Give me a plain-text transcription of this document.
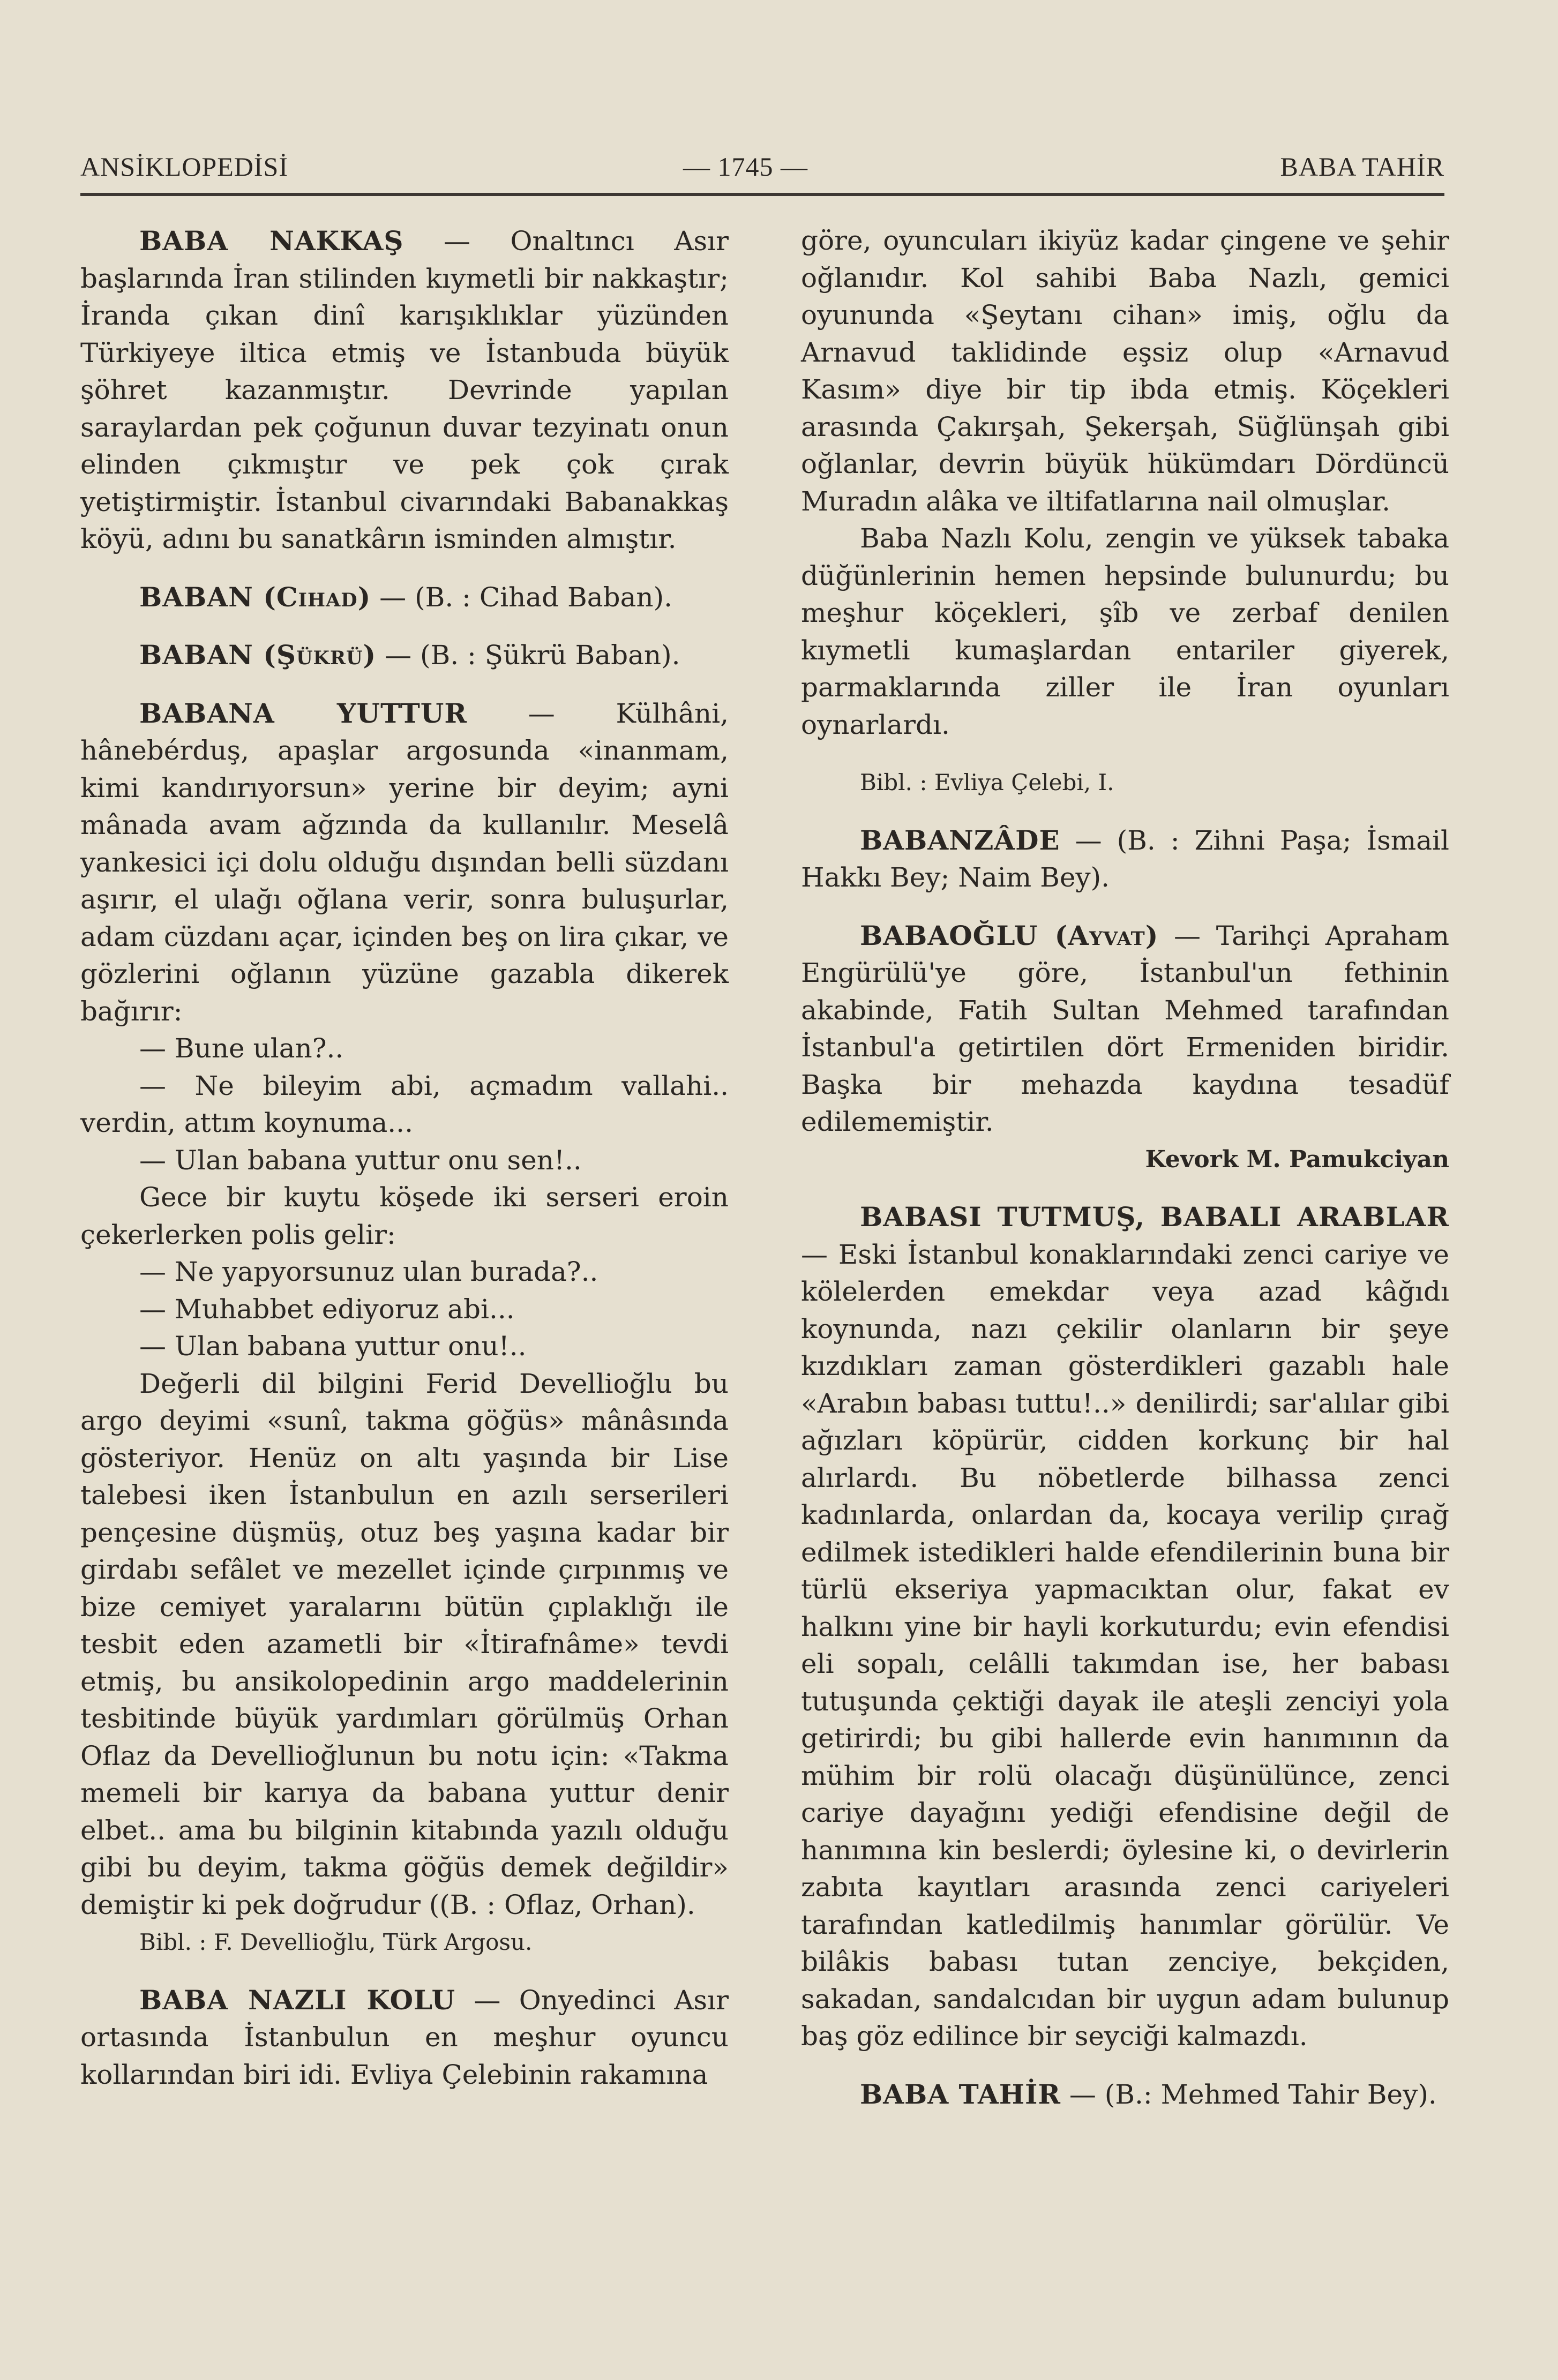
ANSİKLOPEDİSİ	— 1745 —	BABA TAHİR

BABA NAKKAŞ — Onaltıncı Asır başlarında İran stilinden kıymetli bir nakkaştır; İranda çıkan dinî karışıklıklar yüzünden Türkiyeye iltica etmiş ve İstanbuda büyük şöhret kazanmıştır. Devrinde yapılan saraylardan pek çoğunun duvar tezyinatı onun elinden çıkmıştır ve pek çok çırak yetiştirmiştir. İstanbul civarındaki Babanakkaş köyü, adını bu sanatkârın isminden almıştır.

BABAN (Cihad) — (B. : Cihad Baban).

BABAN (Şükrü) — (B. : Şükrü Baban).

BABANA YUTTUR — Külhâni, hânebérduş, apaşlar argosunda «inanmam, kimi kandırıyorsun» yerine bir deyim; ayni mânada avam ağzında da kullanılır. Meselâ yankesici içi dolu olduğu dışından belli süzdanı aşırır, el ulağı oğlana verir, sonra buluşurlar, adam cüzdanı açar, içinden beş on lira çıkar, ve gözlerini oğlanın yüzüne gazabla dikerek bağırır:

— Bune ulan?..

— Ne bileyim abi, açmadım vallahi.. verdin, attım koynuma...

— Ulan babana yuttur onu sen!..

Gece bir kuytu köşede iki serseri eroin çekerlerken polis gelir:

— Ne yapyorsunuz ulan burada?..

— Muhabbet ediyoruz abi...

— Ulan babana yuttur onu!..

Değerli dil bilgini Ferid Devellioğlu bu argo deyimi «sunî, takma göğüs» mânâsında gösteriyor. Henüz on altı yaşında bir Lise talebesi iken İstanbulun en azılı serserileri pençesine düşmüş, otuz beş yaşına kadar bir girdabı sefâlet ve mezellet içinde çırpınmış ve bize cemiyet yaralarını bütün çıplaklığı ile tesbit eden azametli bir «İtirafnâme» tevdi etmiş, bu ansikolopedinin argo maddelerinin tesbitinde büyük yardımları görülmüş Orhan Oflaz da Devellioğlunun bu notu için: «Takma memeli bir karıya da babana yuttur denir elbet.. ama bu bilginin kitabında yazılı olduğu gibi bu deyim, takma göğüs demek değildir» demiştir ki pek doğrudur ((B. : Oflaz, Orhan).

Bibl. : F. Devellioğlu, Türk Argosu.

BABA NAZLI KOLU — Onyedinci Asır ortasında İstanbulun en meşhur oyuncu kollarından biri idi. Evliya Çelebinin rakamına

göre, oyuncuları ikiyüz kadar çingene ve şehir oğlanıdır. Kol sahibi Baba Nazlı, gemici oyununda «Şeytanı cihan» imiş, oğlu da Arnavud taklidinde eşsiz olup «Arnavud Kasım» diye bir tip ibda etmiş. Köçekleri arasında Çakırşah, Şekerşah, Süğlünşah gibi oğlanlar, devrin büyük hükümdarı Dördüncü Muradın alâka ve iltifatlarına nail olmuşlar.

Baba Nazlı Kolu, zengin ve yüksek tabaka düğünlerinin hemen hepsinde bulunurdu; bu meşhur köçekleri, şîb ve zerbaf denilen kıymetli kumaşlardan entariler giyerek, parmaklarında ziller ile İran oyunları oynarlardı.

Bibl. : Evliya Çelebi, I.

BABANZÂDE — (B. : Zihni Paşa; İsmail Hakkı Bey; Naim Bey).

BABAOĞLU (Ayvat) — Tarihçi Apraham Engürülü'ye göre, İstanbul'un fethinin akabinde, Fatih Sultan Mehmed tarafından İstanbul'a getirtilen dört Ermeniden biridir. Başka bir mehazda kaydına tesadüf edilememiştir.

Kevork M. Pamukciyan

BABASI TUTMUŞ, BABALI ARABLAR — Eski İstanbul konaklarındaki zenci cariye ve kölelerden emekdar veya azad kâğıdı koynunda, nazı çekilir olanların bir şeye kızdıkları zaman gösterdikleri gazablı hale «Arabın babası tuttu!..» denilirdi; sar'alılar gibi ağızları köpürür, cidden korkunç bir hal alırlardı. Bu nöbetlerde bilhassa zenci kadınlarda, onlardan da, kocaya verilip çırağ edilmek istedikleri halde efendilerinin buna bir türlü ekseriya yapmacıktan olur, fakat ev halkını yine bir hayli korkuturdu; evin efendisi eli sopalı, celâlli takımdan ise, her babası tutuşunda çektiği dayak ile ateşli zenciyi yola getirirdi; bu gibi hallerde evin hanımının da mühim bir rolü olacağı düşünülünce, zenci cariye dayağını yediği efendisine değil de hanımına kin beslerdi; öylesine ki, o devirlerin zabıta kayıtları arasında zenci cariyeleri tarafından katledilmiş hanımlar görülür. Ve bilâkis babası tutan zenciye, bekçiden, sakadan, sandalcıdan bir uygun adam bulunup baş göz edilince bir seyciği kalmazdı.

BABA TAHİR — (B.: Mehmed Tahir Bey).
